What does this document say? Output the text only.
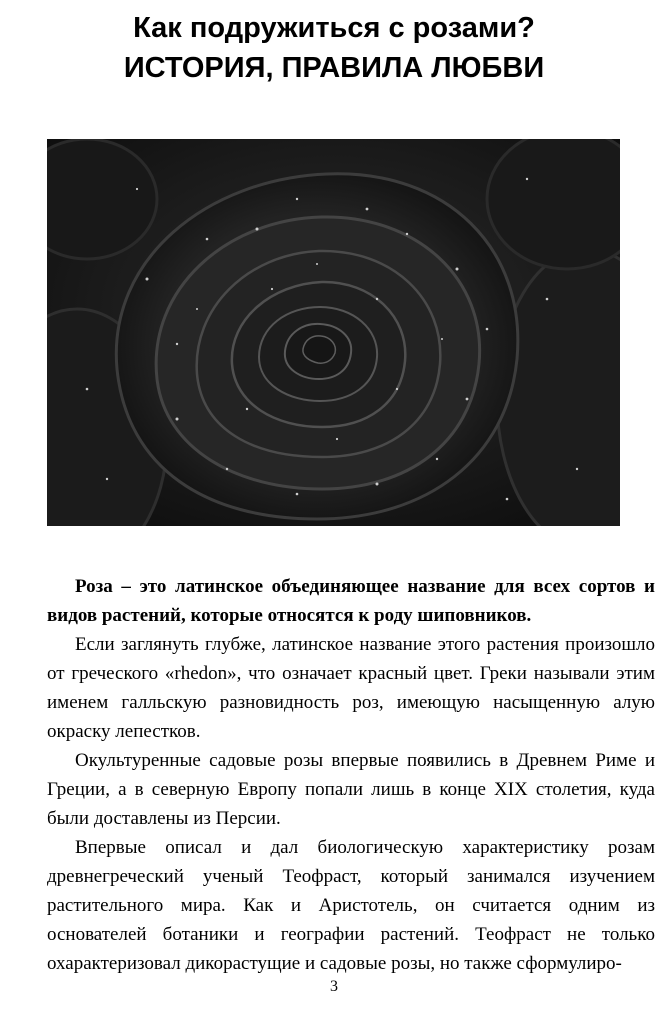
Как подружиться с розами?
ИСТОРИЯ, ПРАВИЛА ЛЮБВИ

Роза – это латинское объединяющее название для всех сортов и видов растений, которые относятся к роду шиповников.

Если заглянуть глубже, латинское название этого растения произошло от греческого «rhedon», что означает красный цвет. Греки называли этим именем галльскую разновидность роз, имеющую насыщенную алую окраску лепестков.

Окультуренные садовые розы впервые появились в Древнем Риме и Греции, а в северную Европу попали лишь в конце XIX столетия, куда были доставлены из Персии.

Впервые описал и дал биологическую характеристику розам древнегреческий ученый Теофраст, который занимался изучением растительного мира. Как и Аристотель, он считается одним из основателей ботаники и географии растений. Теофраст не только охарактеризовал дикорастущие и садовые розы, но также сформулиро-

3
